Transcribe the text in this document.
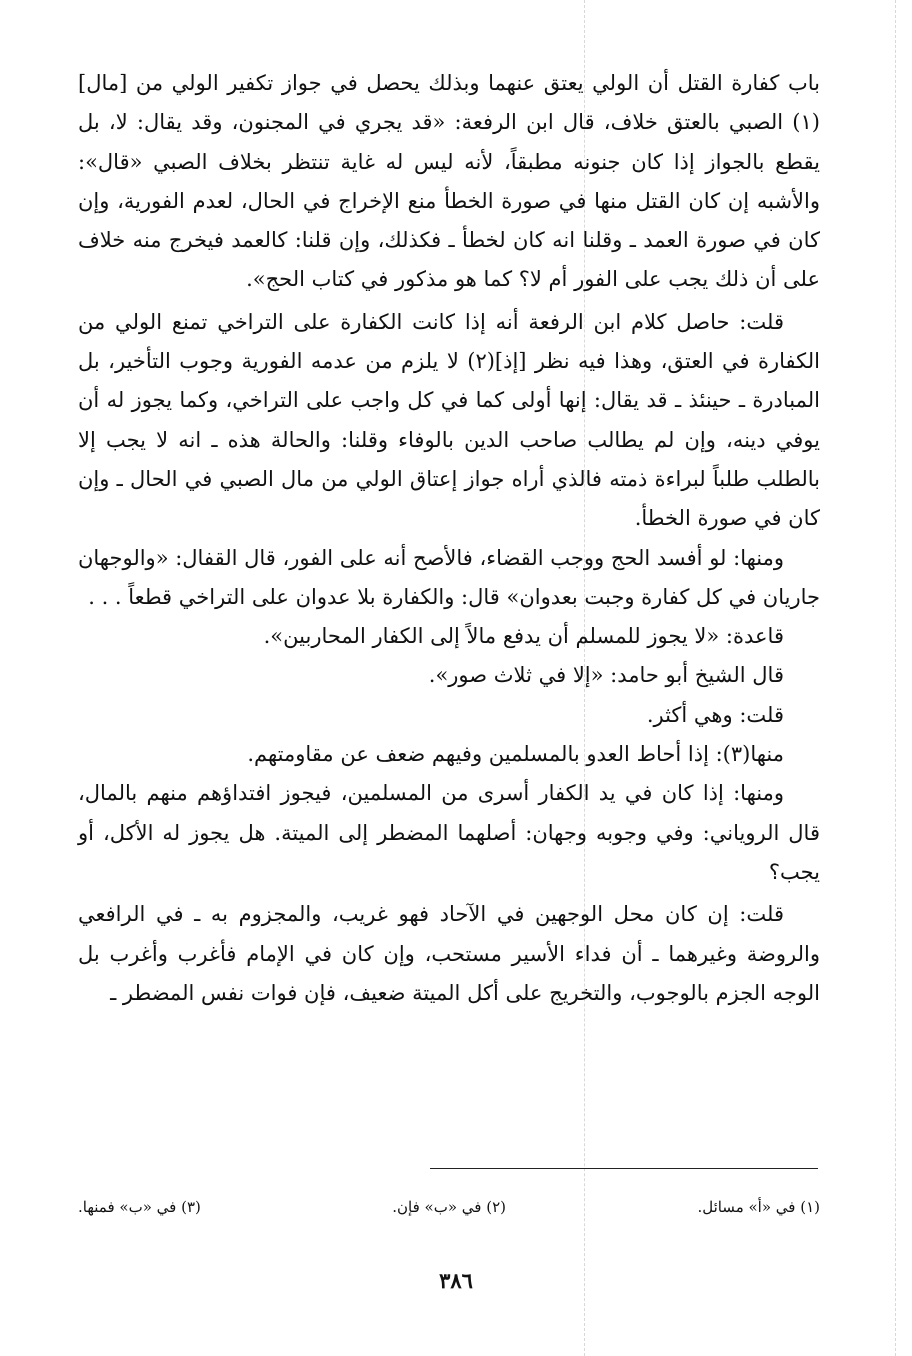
باب كفارة القتل أن الولي يعتق عنهما وبذلك يحصل في جواز تكفير الولي من [مال](١) الصبي بالعتق خلاف، قال ابن الرفعة: «قد يجري في المجنون، وقد يقال: لا، بل يقطع بالجواز إذا كان جنونه مطبقاً، لأنه ليس له غاية تنتظر بخلاف الصبي «قال»: والأشبه إن كان القتل منها في صورة الخطأ منع الإخراج في الحال، لعدم الفورية، وإن كان في صورة العمد ـ وقلنا انه كان لخطأ ـ فكذلك، وإن قلنا: كالعمد فيخرج منه خلاف على أن ذلك يجب على الفور أم لا؟ كما هو مذكور في كتاب الحج».

قلت: حاصل كلام ابن الرفعة أنه إذا كانت الكفارة على التراخي تمنع الولي من الكفارة في العتق، وهذا فيه نظر [إذ](٢) لا يلزم من عدمه الفورية وجوب التأخير، بل المبادرة ـ حينئذ ـ قد يقال: إنها أولى كما في كل واجب على التراخي، وكما يجوز له أن يوفي دينه، وإن لم يطالب صاحب الدين بالوفاء وقلنا: والحالة هذه ـ انه لا يجب إلا بالطلب طلباً لبراءة ذمته فالذي أراه جواز إعتاق الولي من مال الصبي في الحال ـ وإن كان في صورة الخطأ.

ومنها: لو أفسد الحج ووجب القضاء، فالأصح أنه على الفور، قال القفال: «والوجهان جاريان في كل كفارة وجبت بعدوان» قال: والكفارة بلا عدوان على التراخي قطعاً . . .

قاعدة: «لا يجوز للمسلم أن يدفع مالاً إلى الكفار المحاربين».

قال الشيخ أبو حامد: «إلا في ثلاث صور».

قلت: وهي أكثر.

منها(٣): إذا أحاط العدو بالمسلمين وفيهم ضعف عن مقاومتهم.

ومنها: إذا كان في يد الكفار أسرى من المسلمين، فيجوز افتداؤهم منهم بالمال، قال الروياني: وفي وجوبه وجهان: أصلهما المضطر إلى الميتة. هل يجوز له الأكل، أو يجب؟

قلت: إن كان محل الوجهين في الآحاد فهو غريب، والمجزوم به ـ في الرافعي والروضة وغيرهما ـ أن فداء الأسير مستحب، وإن كان في الإمام فأغرب وأغرب بل الوجه الجزم بالوجوب، والتخريج على أكل الميتة ضعيف، فإن فوات نفس المضطر ـ

(١) في «أ» مسائل.
(٢) في «ب» فإن.
(٣) في «ب» فمنها.
٣٨٦
